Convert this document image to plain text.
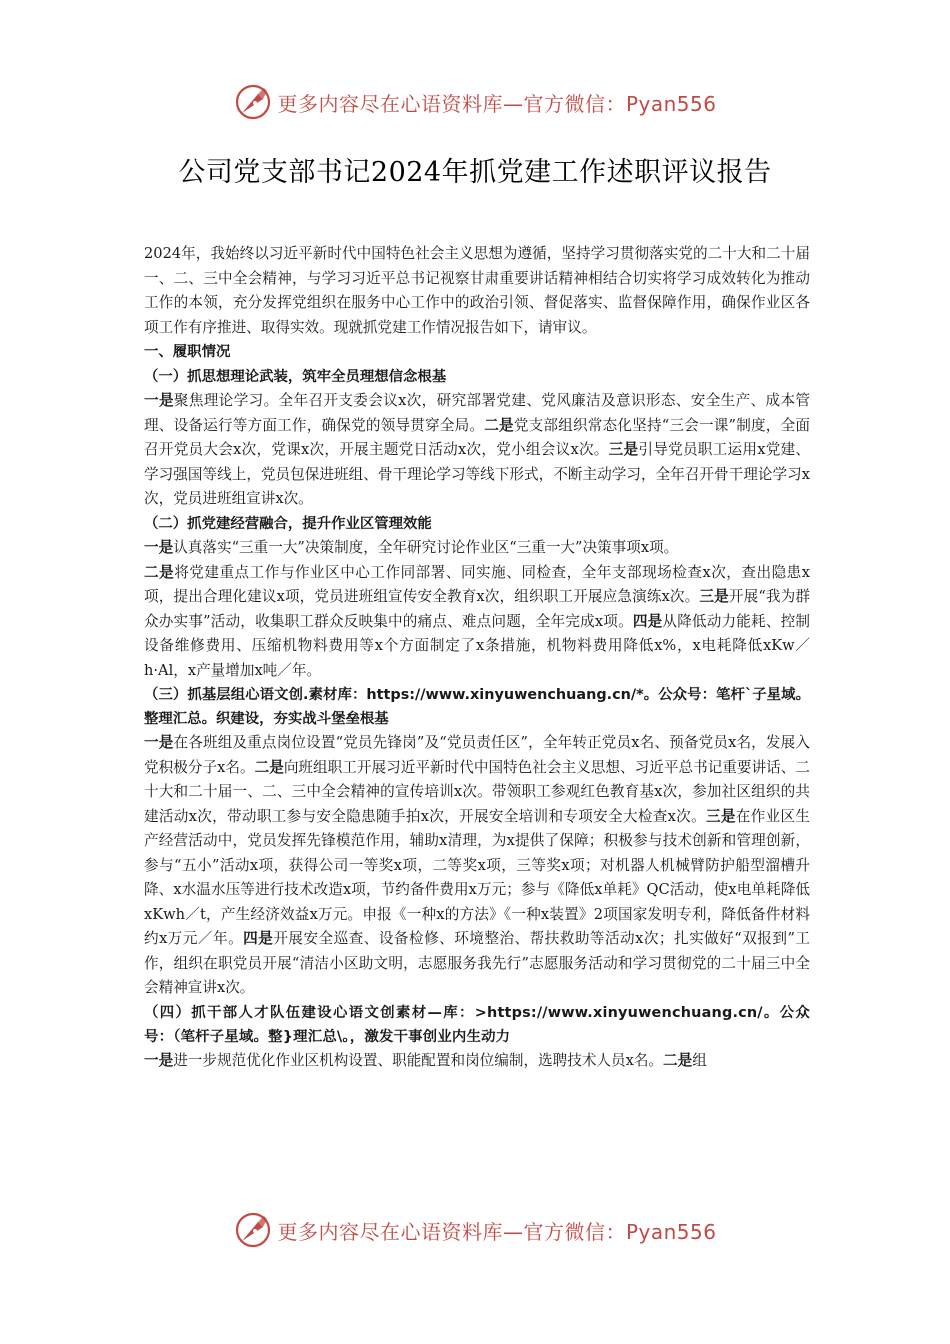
更多内容尽在心语资料库—官方微信：Pyan556
公司党支部书记2024年抓党建工作述职评议报告

2024年，我始终以习近平新时代中国特色社会主义思想为遵循，坚持学习贯彻落实党的二十大和二十届一、二、三中全会精神，与学习习近平总书记视察甘肃重要讲话精神相结合切实将学习成效转化为推动工作的本领，充分发挥党组织在服务中心工作中的政治引领、督促落实、监督保障作用，确保作业区各项工作有序推进、取得实效。现就抓党建工作情况报告如下，请审议。

一、履职情况

（一）抓思想理论武装，筑牢全员理想信念根基

一是聚焦理论学习。全年召开支委会议x次，研究部署党建、党风廉洁及意识形态、安全生产、成本管理、设备运行等方面工作，确保党的领导贯穿全局。二是党支部组织常态化坚持“三会一课”制度，全面召开党员大会x次，党课x次，开展主题党日活动x次，党小组会议x次。三是引导党员职工运用x党建、学习强国等线上，党员包保进班组、骨干理论学习等线下形式，不断主动学习，全年召开骨干理论学习x次，党员进班组宣讲x次。

（二）抓党建经营融合，提升作业区管理效能

一是认真落实“三重一大”决策制度，全年研究讨论作业区“三重一大”决策事项x项。

二是将党建重点工作与作业区中心工作同部署、同实施、同检查，全年支部现场检查x次，查出隐患x项，提出合理化建议x项，党员进班组宣传安全教育x次，组织职工开展应急演练x次。三是开展“我为群众办实事”活动，收集职工群众反映集中的痛点、难点问题，全年完成x项。四是从降低动力能耗、控制设备维修费用、压缩机物料费用等x个方面制定了x条措施，机物料费用降低x%，x电耗降低xKw／h·Al，x产量增加x吨／年。

（三）抓基层组心语文创.素材库：https://www.xinyuwenchuang.cn/*。公众号：笔杆`子星域。整理汇总。织建设，夯实战斗堡垒根基

一是在各班组及重点岗位设置“党员先锋岗”及“党员责任区”，全年转正党员x名、预备党员x名，发展入党积极分子x名。二是向班组职工开展习近平新时代中国特色社会主义思想、习近平总书记重要讲话、二十大和二十届一、二、三中全会精神的宣传培训x次。带领职工参观红色教育基x次，参加社区组织的共建活动x次，带动职工参与安全隐患随手拍x次，开展安全培训和专项安全大检查x次。三是在作业区生产经营活动中，党员发挥先锋模范作用，辅助x清理，为x提供了保障；积极参与技术创新和管理创新，参与“五小”活动x项，获得公司一等奖x项，二等奖x项，三等奖x项；对机器人机械臂防护船型溜槽升降、x水温水压等进行技术改造x项，节约备件费用x万元；参与《降低x单耗》QC活动，使x电单耗降低xKwh／t，产生经济效益x万元。申报《一种x的方法》《一种x装置》2项国家发明专利，降低备件材料约x万元／年。四是开展安全巡查、设备检修、环境整治、帮扶救助等活动x次；扎实做好“双报到”工作，组织在职党员开展“清洁小区助文明，志愿服务我先行”志愿服务活动和学习贯彻党的二十届三中全会精神宣讲x次。

（四）抓干部人才队伍建设心语文创素材—库：>https://www.xinyuwenchuang.cn/。公众号：（笔杆子星域。整}理汇总\。，激发干事创业内生动力

一是进一步规范优化作业区机构设置、职能配置和岗位编制，选聘技术人员x名。二是组

更多内容尽在心语资料库—官方微信：Pyan556
